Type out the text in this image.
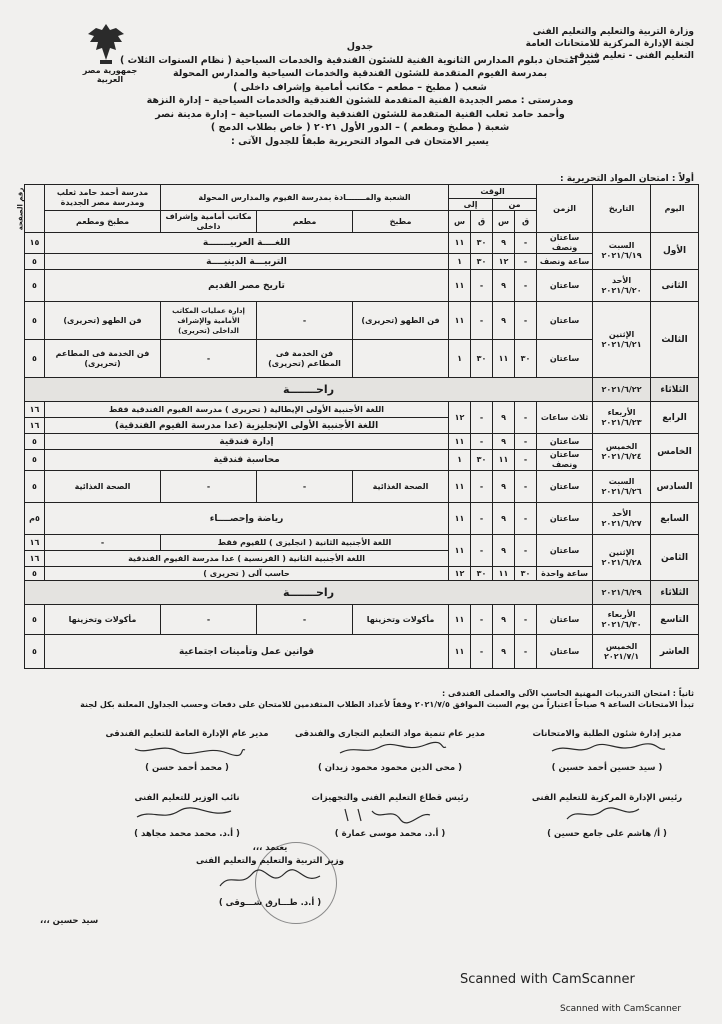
وزارة التربية والتعليم والتعليم الفنى
لجنة الإدارة المركزية للامتحانات العامة
التعليم الفنى - تعليم فندقى
جمهورية مصر العربية
جدول
سير امتحان دبلوم المدارس الثانوية الفنية للشئون الفندقية والخدمات السياحية ( نظام السنوات الثلاث )
بمدرسة الفيوم المتقدمة للشئون الفندقية والخدمات السياحية والمدارس المحولة
شعب ( مطبخ – مطعم – مكاتب أمامية وإشراف داخلى )
ومدرستى : مصر الجديدة الفنية المتقدمة للشئون الفندقية والخدمات السياحية – إدارة النزهة
وأحمد حامد ثعلب الفنية المتقدمة للشئون الفندقية والخدمات السياحية – إدارة مدينة نصر
شعبة ( مطبخ ومطعم ) – الدور الأول ٢٠٢١ ( خاص بطلاب الدمج )
يسير الامتحان فى المواد التحريرية طبقاً للجدول الآتى :
أولاً : امتحان المواد التحريرية :
اليوم	التاريخ	الزمن	الوقت				الشعبة والمـــــــادة بمدرسة الفيوم والمدارس المحولة			مدرسة أحمد حامد ثعلب ومدرسة مصر الجديدة	رقم الصفحة
			من		إلى						
			ق	س	ق	س	مطبخ	مطعم	مكاتب أمامية وإشراف داخلى	مطبخ ومطعم	
الأول	السبت ٢٠٢١/٦/١٩	ساعتان ونصف	-	٩	٣٠	١١	اللغــــة العربيـــــــة				١٥
		ساعة ونصف	-	١٢	٣٠	١	التربيـــة الدينيــــة				٥
الثانى	الأحد ٢٠٢١/٦/٢٠	ساعتان	-	٩	-	١١	تاريخ مصر القديم				٥
الثالث	الإثنين ٢٠٢١/٦/٢١	ساعتان	-	٩	-	١١	فن الطهو (تحريرى)	-	إدارة عمليات المكاتب الأمامية والإشراف الداخلى (تحريرى)	فن الطهو (تحريرى)	٥
		ساعتان	٣٠	١١	٣٠	١		فن الخدمة فى المطاعم (تحريرى)	-	فن الخدمة فى المطاعم (تحريرى)	٥
الثلاثاء	٢٠٢١/٦/٢٢	راحـــــــة									
الرابع	الأربعاء ٢٠٢١/٦/٢٣	ثلاث ساعات	-	٩	-	١٢	اللغة الأجنبية الأولى الإيطالية ( تحريرى ) مدرسة الفيوم الفندقية فقط				١٦
							اللغة الأجنبية الأولى الإنجليزية (عدا مدرسة الفيوم الفندقية)				١٦
الخامس	الخميس ٢٠٢١/٦/٢٤	ساعتان	-	٩	-	١١	إدارة فندقية				٥
		ساعتان ونصف	-	١١	٣٠	١	محاسبة فندقية				٥
السادس	السبت ٢٠٢١/٦/٢٦	ساعتان	-	٩	-	١١	الصحة الغذائية	-	-	الصحة الغذائية	٥
السابع	الأحد ٢٠٢١/٦/٢٧	ساعتان	-	٩	-	١١	رياضة وإحصــــاء				٥م
الثامن	الإثنين ٢٠٢١/٦/٢٨	ساعتان	-	٩	-	١١	اللغة الأجنبية الثانية ( انجليزى ) للفيوم فقط			-	١٦
							اللغة الأجنبية الثانية ( الفرنسية ) عدا مدرسة الفيوم الفندقية				١٦
		ساعة واحدة	٣٠	١١	٣٠	١٢	حاسب آلى ( تحريرى )				٥
الثلاثاء	٢٠٢١/٦/٢٩	راحـــــــة									
التاسع	الأربعاء ٢٠٢١/٦/٣٠	ساعتان	-	٩	-	١١	مأكولات وتخزينها	-	-	مأكولات وتخزينها	٥
العاشر	الخميس ٢٠٢١/٧/١	ساعتان	-	٩	-	١١	قوانين عمل وتأمينات اجتماعية				٥
ثانياً : امتحان التدريبات المهنية الحاسب الآلى والعملى الفندقى :
تبدأ الامتحانات الساعة ٩ صباحاً اعتباراً من يوم السبت الموافق ٢٠٢١/٧/٥ وفقاً لأعداد الطلاب المتقدمين للامتحان على دفعات وحسب الجداول المعلنة بكل لجنة
مدير إدارة شئون الطلبة والامتحانات
( سيد حسين أحمد حسين )
مدير عام تنمية مواد التعليم التجارى والفندقى
( محى الدين محمود محمود زيدان )
مدير عام الإدارة العامة للتعليم الفندقى
( محمد أحمد حسن )
رئيس الإدارة المركزية للتعليم الفنى
( أ/ هاشم على جامع حسين )
رئيس قطاع التعليم الفنى والتجهيزات
( أ.د. محمد موسى عمارة )
نائب الوزير للتعليم الفنى
( أ.د. محمد محمد مجاهد )
يعتمد ،،،
وزير التربية والتعليم والتعليم الفنى
( أ.د. طـــارق شـــوقى )
سيد حسين ،،،
Scanned with CamScanner
Scanned with CamScanner
